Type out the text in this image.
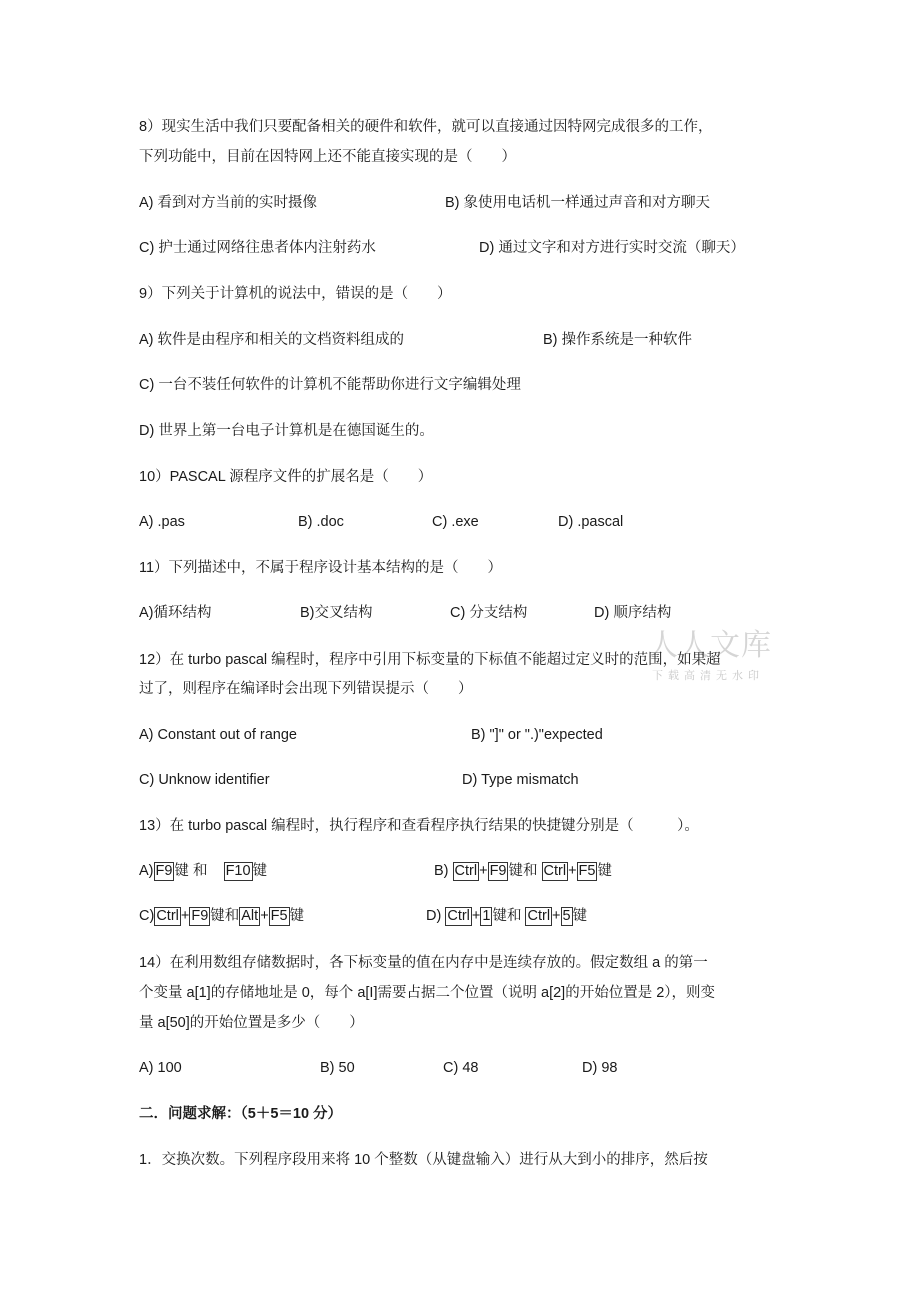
8）现实生活中我们只要配备相关的硬件和软件，就可以直接通过因特网完成很多的工作，
下列功能中，目前在因特网上还不能直接实现的是（　　）
A) 看到对方当前的实时摄像	B) 象使用电话机一样通过声音和对方聊天
C) 护士通过网络往患者体内注射药水	D) 通过文字和对方进行实时交流（聊天）
9）下列关于计算机的说法中，错误的是（　　）
A) 软件是由程序和相关的文档资料组成的	B) 操作系统是一种软件
C) 一台不装任何软件的计算机不能帮助你进行文字编辑处理
D) 世界上第一台电子计算机是在德国诞生的。
10）PASCAL 源程序文件的扩展名是（　　）
A) .pas	B) .doc	C) .exe	D) .pascal
11）下列描述中，不属于程序设计基本结构的是（　　）
A)循环结构	B)交叉结构	C) 分支结构	D) 顺序结构
人人文库
下载高清无水印
12）在 turbo pascal 编程时，程序中引用下标变量的下标值不能超过定义时的范围，如果超
过了，则程序在编译时会出现下列错误提示（　　）
A) Constant out of range	B) "]" or ".)"expected
C) Unknow identifier	D) Type mismatch
13）在 turbo pascal 编程时，执行程序和查看程序执行结果的快捷键分别是（　　　）。
A) F9 键 和 F10 键	B) Ctrl + F9 键和 Ctrl + F5 键
C) Ctrl + F9 键和 Alt + F5 键	D) Ctrl + 1 键和 Ctrl + 5 键
14）在利用数组存储数据时，各下标变量的值在内存中是连续存放的。假定数组 a 的第一
个变量 a[1]的存储地址是 0，每个 a[I]需要占据二个位置（说明 a[2]的开始位置是 2），则变
量 a[50]的开始位置是多少（　　）
A) 100	B) 50	C) 48	D) 98
二．问题求解：（5＋5＝10 分）
1．交换次数。下列程序段用来将 10 个整数（从键盘输入）进行从大到小的排序，然后按
